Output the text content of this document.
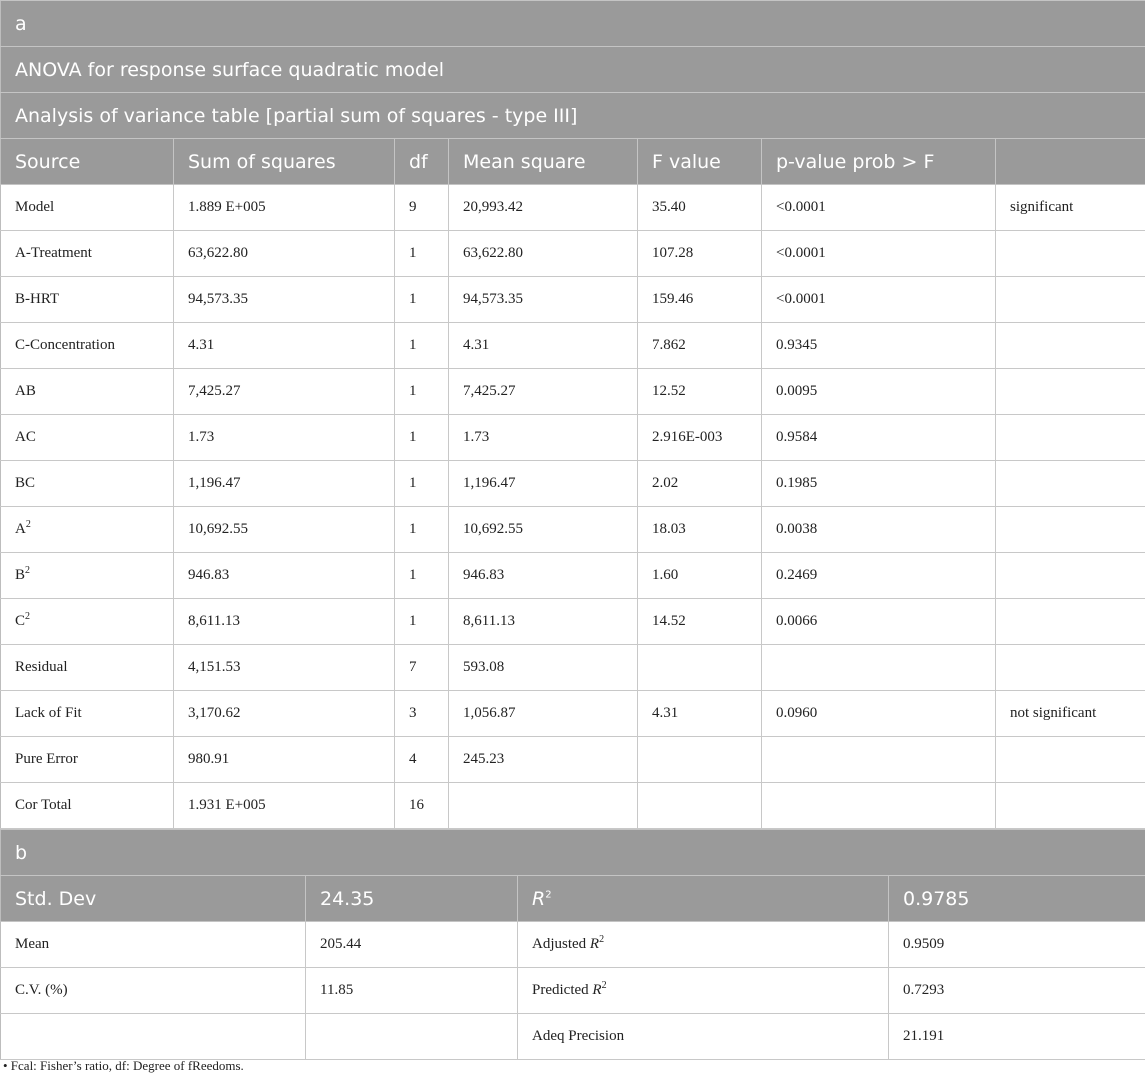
a						
ANOVA for response surface quadratic model						
Analysis of variance table [partial sum of squares - type III]						
Source	Sum of squares	df	Mean square	F value	p-value prob > F	
Model	1.889 E+005	9	20,993.42	35.40	<0.0001	significant
A-Treatment	63,622.80	1	63,622.80	107.28	<0.0001	
B-HRT	94,573.35	1	94,573.35	159.46	<0.0001	
C-Concentration	4.31	1	4.31	7.862	0.9345	
AB	7,425.27	1	7,425.27	12.52	0.0095	
AC	1.73	1	1.73	2.916E-003	0.9584	
BC	1,196.47	1	1,196.47	2.02	0.1985	
$A^2$	10,692.55	1	10,692.55	18.03	0.0038	
$B^2$	946.83	1	946.83	1.60	0.2469	
$C^2$	8,611.13	1	8,611.13	14.52	0.0066	
Residual	4,151.53	7	593.08			
Lack of Fit	3,170.62	3	1,056.87	4.31	0.0960	not significant
Pure Error	980.91	4	245.23			
Cor Total	1.931 E+005	16				
b			
Std. Dev	24.35	$R^2$	0.9785
Mean	205.44	Adjusted $R^2$	0.9509
C.V. (%)	11.85	Predicted $R^2$	0.7293
		Adeq Precision	21.191
• Fcal: Fisher’s ratio, df: Degree of fReedoms.
